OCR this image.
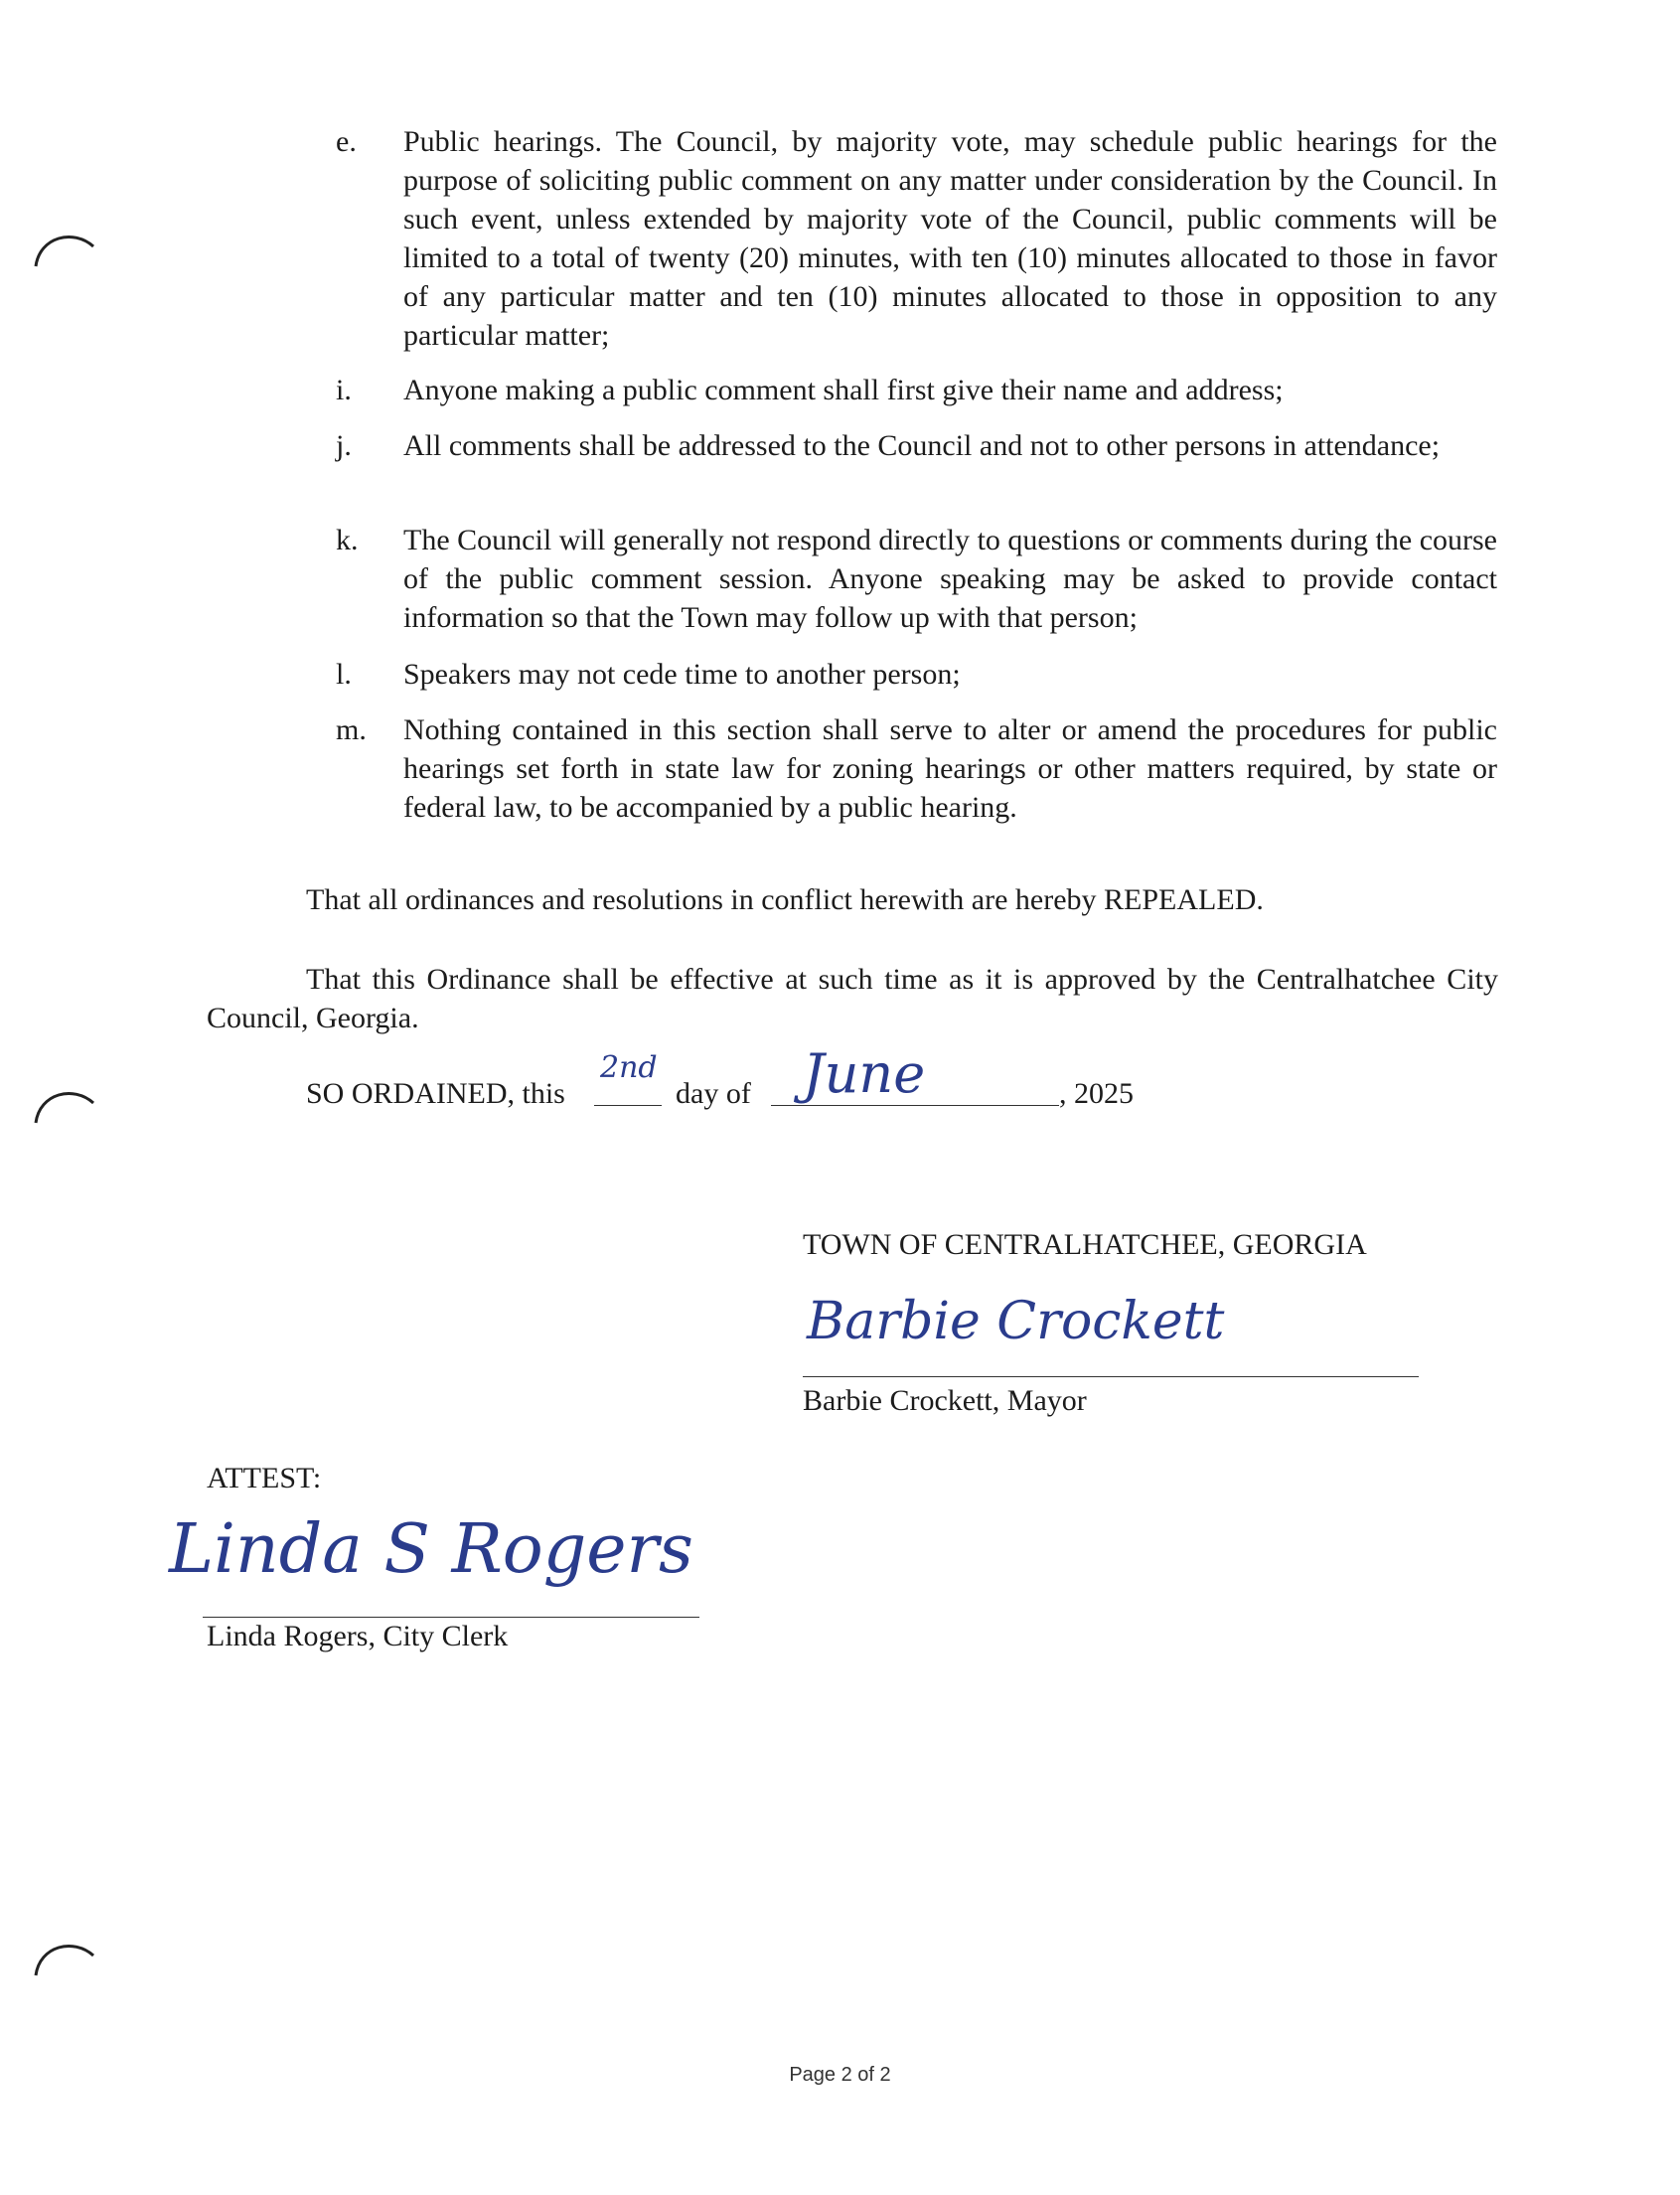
e. Public hearings. The Council, by majority vote, may schedule public hearings for the purpose of soliciting public comment on any matter under consideration by the Council. In such event, unless extended by majority vote of the Council, public comments will be limited to a total of twenty (20) minutes, with ten (10) minutes allocated to those in favor of any particular matter and ten (10) minutes allocated to those in opposition to any particular matter;
i. Anyone making a public comment shall first give their name and address;
j. All comments shall be addressed to the Council and not to other persons in attendance;
k. The Council will generally not respond directly to questions or comments during the course of the public comment session. Anyone speaking may be asked to provide contact information so that the Town may follow up with that person;
l. Speakers may not cede time to another person;
m. Nothing contained in this section shall serve to alter or amend the procedures for public hearings set forth in state law for zoning hearings or other matters required, by state or federal law, to be accompanied by a public hearing.
That all ordinances and resolutions in conflict herewith are hereby REPEALED.
That this Ordinance shall be effective at such time as it is approved by the Centralhatchee City Council, Georgia.
SO ORDAINED, this
2nd
day of June	, 2025
TOWN OF CENTRALHATCHEE, GEORGIA
Barbie Crockett
Barbie Crockett, Mayor
ATTEST:
Linda S Rogers
Linda Rogers, City Clerk
Page 2 of 2
